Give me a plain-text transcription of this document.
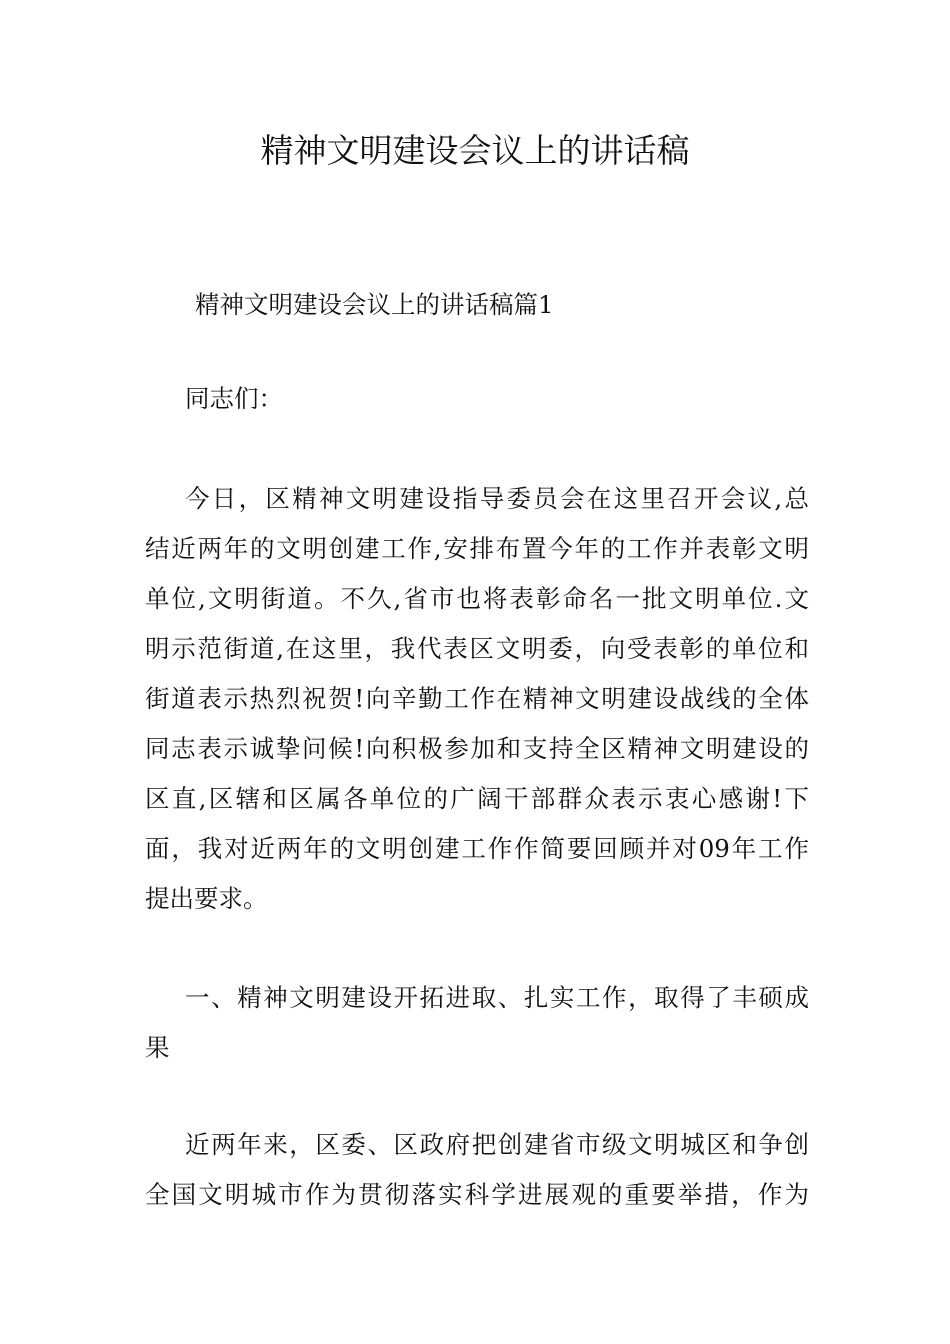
精神文明建设会议上的讲话稿
精神文明建设会议上的讲话稿篇1
同志们：

今日，区精神文明建设指导委员会在这里召开会议,总
结近两年的文明创建工作,安排布置今年的工作并表彰文明
单位,文明街道。不久,省市也将表彰命名一批文明单位.文
明示范街道,在这里，我代表区文明委，向受表彰的单位和
街道表示热烈祝贺!向辛勤工作在精神文明建设战线的全体
同志表示诚挚问候!向积极参加和支持全区精神文明建设的
区直,区辖和区属各单位的广阔干部群众表示衷心感谢!下
面，我对近两年的文明创建工作作简要回顾并对09年工作
提出要求。

一、精神文明建设开拓进取、扎实工作，取得了丰硕成
果

近两年来，区委、区政府把创建省市级文明城区和争创
全国文明城市作为贯彻落实科学进展观的重要举措，作为
